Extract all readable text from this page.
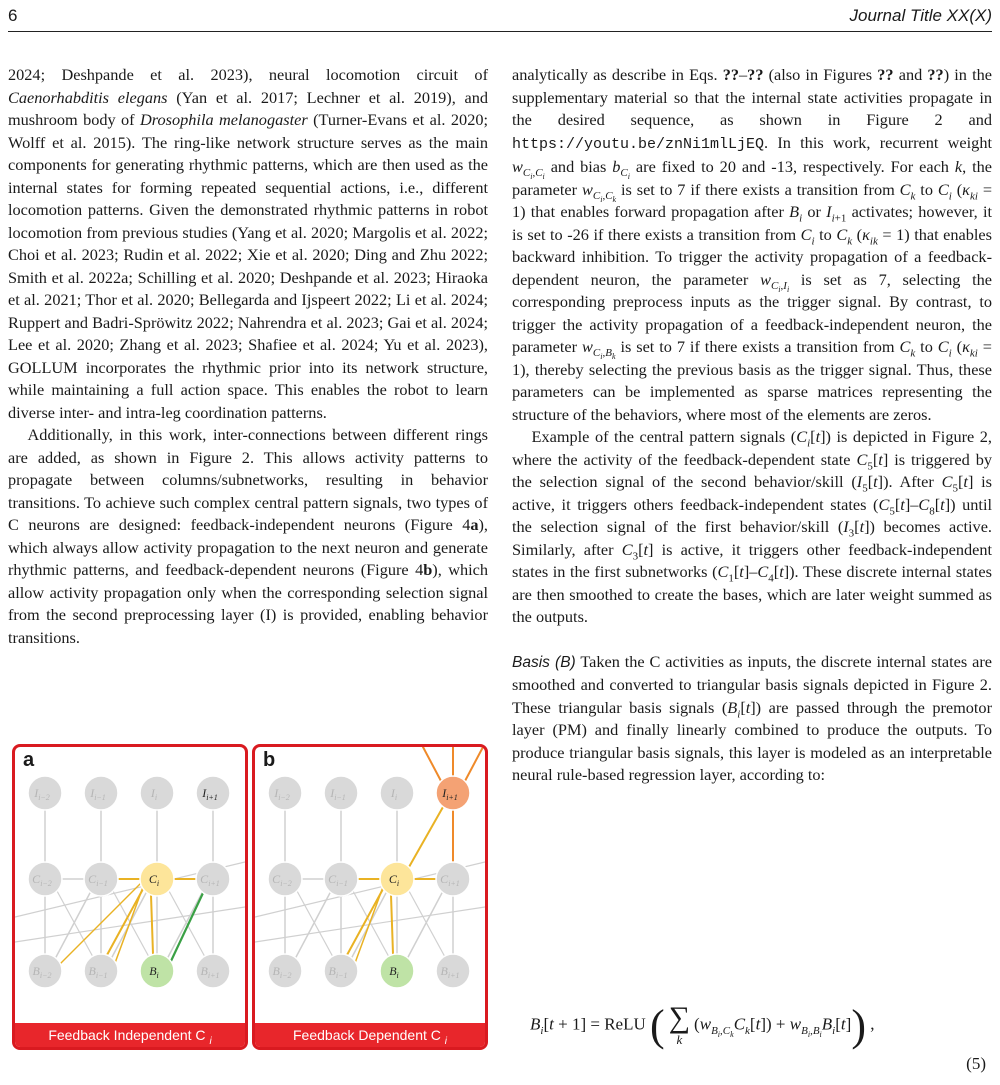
6	Journal Title XX(X)

2024; Deshpande et al. 2023), neural locomotion circuit of Caenorhabditis elegans (Yan et al. 2017; Lechner et al. 2019), and mushroom body of Drosophila melanogaster (Turner-Evans et al. 2020; Wolff et al. 2015). The ring-like network structure serves as the main components for generating rhythmic patterns, which are then used as the internal states for forming repeated sequential actions, i.e., different locomotion patterns. Given the demonstrated rhythmic patterns in robot locomotion from previous studies (Yang et al. 2020; Margolis et al. 2022; Choi et al. 2023; Rudin et al. 2022; Xie et al. 2020; Ding and Zhu 2022; Smith et al. 2022a; Schilling et al. 2020; Deshpande et al. 2023; Hiraoka et al. 2021; Thor et al. 2020; Bellegarda and Ijspeert 2022; Li et al. 2024; Ruppert and Badri-Spröwitz 2022; Nahrendra et al. 2023; Gai et al. 2024; Lee et al. 2020; Zhang et al. 2023; Shafiee et al. 2024; Yu et al. 2023), GOLLUM incorporates the rhythmic prior into its network structure, while maintaining a full action space. This enables the robot to learn diverse inter- and intra-leg coordination patterns.

Additionally, in this work, inter-connections between different rings are added, as shown in Figure 2. This allows activity patterns to propagate between columns/subnetworks, resulting in behavior transitions. To achieve such complex central pattern signals, two types of C neurons are designed: feedback-independent neurons (Figure 4a), which always allow activity propagation to the next neuron and generate rhythmic patterns, and feedback-dependent neurons (Figure 4b), which allow activity propagation only when the corresponding selection signal from the second preprocessing layer (I) is provided, enabling behavior transitions.

$I_{i-2}$
$C_{i-2}$
$B_{i-2}$
$I_{i-1}$
$C_{i-1}$
$B_{i-1}$
$I_i$
$C_i$
$B_i$
$I_{i+1}$
$C_{i+1}$
$B_{i+1}$
a
Feedback Independent C $_i$
$I_{i-2}$
$C_{i-2}$
$B_{i-2}$
$I_{i-1}$
$C_{i-1}$
$B_{i-1}$
$I_i$
$C_i$
$B_i$
$I_{i+1}$
$C_{i+1}$
$B_{i+1}$
b
Feedback Dependent C $_i$

analytically as describe in Eqs. ??–?? (also in Figures ?? and ??) in the supplementary material so that the internal state activities propagate in the desired sequence, as shown in Figure 2 and https://youtu.be/znNi1mlLjEQ. In this work, recurrent weight $w_{C_i,C_i}$ and bias $b_{C_i}$ are fixed to 20 and -13, respectively. For each k, the parameter $w_{C_i,C_k}$ is set to 7 if there exists a transition from $C_k$ to $C_i$ $(\kappa_{ki} = 1)$ that enables forward propagation after $B_i$ or $I_{i+1}$ activates; however, it is set to -26 if there exists a transition from $C_i$ to $C_k$ $(\kappa_{ik} = 1)$ that enables backward inhibition. To trigger the activity propagation of a feedback-dependent neuron, the parameter $w_{C_i,I_i}$ is set as 7, selecting the corresponding preprocess inputs as the trigger signal. By contrast, to trigger the activity propagation of a feedback-independent neuron, the parameter $w_{C_i,B_k}$ is set to 7 if there exists a transition from $C_k$ to $C_i$ $(\kappa_{ki} = 1)$, thereby selecting the previous basis as the trigger signal. Thus, these parameters can be implemented as sparse matrices representing the structure of the behaviors, where most of the elements are zeros.

Example of the central pattern signals $(C_i[t])$ is depicted in Figure 2, where the activity of the feedback-dependent state $C_5[t]$ is triggered by the selection signal of the second behavior/skill $(I_5[t])$. After $C_5[t]$ is active, it triggers others feedback-independent states $(C_5[t]-C_8[t])$ until the selection signal of the first behavior/skill $(I_3[t])$ becomes active. Similarly, after $C_3[t]$ is active, it triggers other feedback-independent states in the first subnetworks $(C_1[t]-C_4[t])$. These discrete internal states are then smoothed to create the bases, which are later weight summed as the outputs.

Basis (B) Taken the C activities as inputs, the discrete internal states are smoothed and converted to triangular basis signals depicted in Figure 2. These triangular basis signals $(B_i[t])$ are passed through the premotor layer (PM) and finally linearly combined to produce the outputs. To produce triangular basis signals, this layer is modeled as an interpretable neural rule-based regression layer, according to:

$B_i[t + 1]$ = ReLU ( ∑
k
$(w_{B_i,C_k}C_k[t]) + w_{B_i,B_i}B_i[t]$) ,
(5)
